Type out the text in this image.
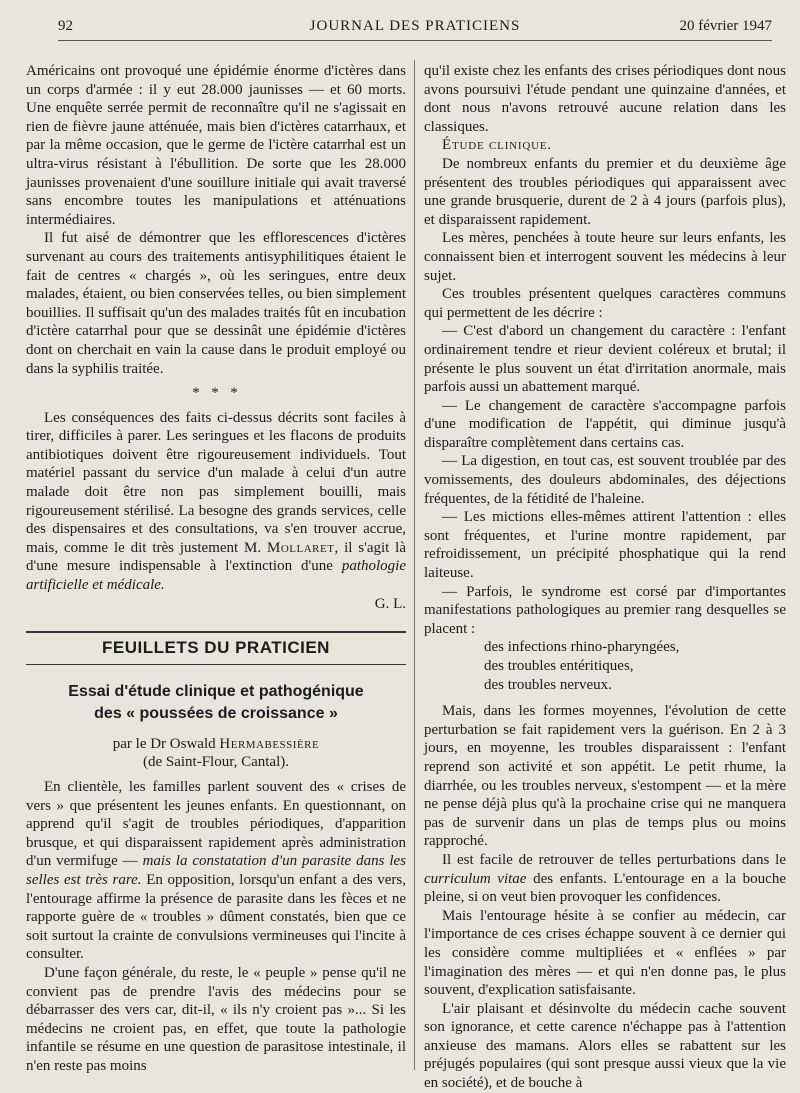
92	JOURNAL DES PRATICIENS	20 février 1947

Américains ont provoqué une épidémie énorme d'ictères dans un corps d'armée : il y eut 28.000 jaunisses — et 60 morts. Une enquête serrée permit de reconnaître qu'il ne s'agissait en rien de fièvre jaune atténuée, mais bien d'ictères catarrhaux, et par la même occasion, que le germe de l'ictère catarrhal est un ultra-virus résistant à l'ébullition. De sorte que les 28.000 jaunisses provenaient d'une souillure initiale qui avait traversé sans encombre toutes les manipulations et atténuations intermédiaires.

Il fut aisé de démontrer que les efflorescences d'ictères survenant au cours des traitements antisyphilitiques étaient le fait de centres « chargés », où les seringues, entre deux malades, étaient, ou bien conservées telles, ou bien simplement bouillies. Il suffisait qu'un des malades traités fût en incubation d'ictère catarrhal pour que se dessinât une épidémie d'ictères dont on cherchait en vain la cause dans le produit employé ou dans la syphilis traitée.

* * *

Les conséquences des faits ci-dessus décrits sont faciles à tirer, difficiles à parer. Les seringues et les flacons de produits antibiotiques doivent être rigoureusement individuels. Tout matériel passant du service d'un malade à celui d'un autre malade doit être non pas simplement bouilli, mais rigoureusement stérilisé. La besogne des grands services, celle des dispensaires et des consultations, va s'en trouver accrue, mais, comme le dit très justement M. Mollaret, il s'agit là d'une mesure indispensable à l'extinction d'une pathologie artificielle et médicale.

G. L.
FEUILLETS DU PRATICIEN
Essai d'étude clinique et pathogénique
des « poussées de croissance »
par le Dr Oswald Hermabessière
(de Saint-Flour, Cantal).

En clientèle, les familles parlent souvent des « crises de vers » que présentent les jeunes enfants. En questionnant, on apprend qu'il s'agit de troubles périodiques, d'apparition brusque, et qui disparaissent rapidement après administration d'un vermifuge — mais la constatation d'un parasite dans les selles est très rare. En opposition, lorsqu'un enfant a des vers, l'entourage affirme la présence de parasite dans les fèces et ne rapporte guère de « troubles » dûment constatés, bien que ce soit surtout la crainte de convulsions vermineuses qui l'incite à consulter.

D'une façon générale, du reste, le « peuple » pense qu'il ne convient pas de prendre l'avis des médecins pour se débarrasser des vers car, dit-il, « ils n'y croient pas »... Si les médecins ne croient pas, en effet, que toute la pathologie infantile se résume en une question de parasitose intestinale, il n'en reste pas moins

qu'il existe chez les enfants des crises périodiques dont nous avons poursuivi l'étude pendant une quinzaine d'années, et dont nous n'avons retrouvé aucune relation dans les classiques.

Étude clinique.

De nombreux enfants du premier et du deuxième âge présentent des troubles périodiques qui apparaissent avec une grande brusquerie, durent de 2 à 4 jours (parfois plus), et disparaissent rapidement.

Les mères, penchées à toute heure sur leurs enfants, les connaissent bien et interrogent souvent les médecins à leur sujet.

Ces troubles présentent quelques caractères communs qui permettent de les décrire :

— C'est d'abord un changement du caractère : l'enfant ordinairement tendre et rieur devient coléreux et brutal; il présente le plus souvent un état d'irritation anormale, mais parfois aussi un abattement marqué.

— Le changement de caractère s'accompagne parfois d'une modification de l'appétit, qui diminue jusqu'à disparaître complètement dans certains cas.

— La digestion, en tout cas, est souvent troublée par des vomissements, des douleurs abdominales, des déjections fréquentes, de la fétidité de l'haleine.

— Les mictions elles-mêmes attirent l'attention : elles sont fréquentes, et l'urine montre rapidement, par refroidissement, un précipité phosphatique qui la rend laiteuse.

— Parfois, le syndrome est corsé par d'importantes manifestations pathologiques au premier rang desquelles se placent :

des infections rhino-pharyngées,
des troubles entéritiques,
des troubles nerveux.

Mais, dans les formes moyennes, l'évolution de cette perturbation se fait rapidement vers la guérison. En 2 à 3 jours, en moyenne, les troubles disparaissent : l'enfant reprend son activité et son appétit. Le petit rhume, la diarrhée, ou les troubles nerveux, s'estompent — et la mère ne pense déjà plus qu'à la prochaine crise qui ne manquera pas de survenir dans un plas de temps plus ou moins rapproché.

Il est facile de retrouver de telles perturbations dans le curriculum vitae des enfants. L'entourage en a la bouche pleine, si on veut bien provoquer les confidences.

Mais l'entourage hésite à se confier au médecin, car l'importance de ces crises échappe souvent à ce dernier qui les considère comme multipliées et « enflées » par l'imagination des mères — et qui n'en donne pas, le plus souvent, d'explication satisfaisante.

L'air plaisant et désinvolte du médecin cache souvent son ignorance, et cette carence n'échappe pas à l'attention anxieuse des mamans. Alors elles se rabattent sur les préjugés populaires (qui sont presque aussi vieux que la vie en société), et de bouche à
